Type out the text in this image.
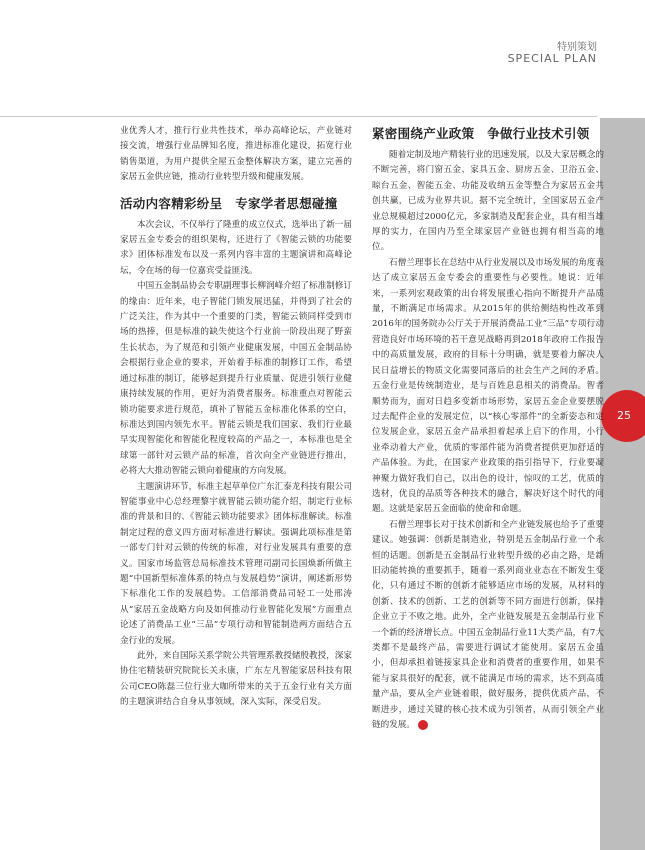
特别策划
SPECIAL PLAN
25

业优秀人才，推行行业共性技术，举办高峰论坛，产业链对接交流，增强行业品牌知名度，推进标准化建设，拓宽行业销售渠道，为用户提供全屋五金整体解决方案，建立完善的家居五金供应链，推动行业转型升级和健康发展。

活动内容精彩纷呈　专家学者思想碰撞

本次会议，不仅举行了隆重的成立仪式，选举出了新一届家居五金专委会的组织架构，还进行了《智能云锁的功能要求》团体标准发布以及一系列内容丰富的主题演讲和高峰论坛，令在场的每一位嘉宾受益匪浅。

中国五金制品协会专职副理事长柳润峰介绍了标准制修订的缘由：近年来，电子智能门锁发展迅猛，并得到了社会的广泛关注，作为其中一个重要的门类，智能云锁同样受到市场的热捧，但是标准的缺失使这个行业前一阶段出现了野蛮生长状态，为了规范和引领产业健康发展，中国五金制品协会根据行业企业的要求，开始着手标准的制修订工作，希望通过标准的制订，能够起到提升行业质量、促进引领行业健康持续发展的作用，更好为消费者服务。标准重点对智能云锁功能要求进行规范，填补了智能五金标准化体系的空白，标准达到国内领先水平。智能云锁是我们国家、我们行业最早实现智能化和智能化程度较高的产品之一，本标准也是全球第一部针对云锁产品的标准，首次向全产业链进行推出，必将大大推动智能云锁向着健康的方向发展。

主题演讲环节，标准主起草单位广东汇泰龙科技有限公司智能事业中心总经理黎宇就智能云锁功能介绍，制定行业标准的背景和目的、《智能云锁功能要求》团体标准解读。标准制定过程的意义四方面对标准进行解读。强调此项标准是第一部专门针对云锁的传统的标准，对行业发展具有重要的意义。国家市场监管总局标准技术管理司副司长国焕新所做主题“中国新型标准体系的特点与发展趋势”演讲，阐述新形势下标准化工作的发展趋势。工信部消费品司轻工一处邢涛从“家居五金战略方向及如何推动行业智能化发展”方面重点论述了消费品工业“三品”专项行动和智能制造两方面结合五金行业的发展。

此外，来自国际关系学院公共管理系教授储殷教授，深家协住宅精装研究院院长关永康，广东左凡智能家居科技有限公司CEO陈磊三位行业大咖所带来的关于五金行业有关方面的主题演讲结合自身从事领域，深入实际，深受启发。

紧密围绕产业政策　争做行业技术引领

随着定制及地产精装行业的迅速发展，以及大家居概念的不断完善，将门窗五金、家具五金、厨房五金、卫浴五金、晾台五金、智能五金、功能及收纳五金等整合为家居五金共创共赢，已成为业界共识。据不完全统计，全国家居五金产业总规模超过2000亿元，多家制造及配套企业，具有相当雄厚的实力，在国内乃至全球家居产业链也拥有相当高的地位。

石僧兰理事长在总结中从行业发展以及市场发展的角度表达了成立家居五金专委会的重要性与必要性。她说：近年来，一系列宏观政策的出台将发展重心指向不断提升产品质量，不断满足市场需求。从2015年的供给侧结构性改革到2016年的国务院办公厅关于开展消费品工业“三品”专项行动营造良好市场环境的若干意见战略再到2018年政府工作报告中的高质量发展，政府的目标十分明确，就是要着力解决人民日益增长的物质文化需要同落后的社会生产之间的矛盾。五金行业是传统制造业，是与百姓息息相关的消费品。智者顺势而为，面对日趋多变新市场形势，家居五金企业要摆脱过去配件企业的发展定位，以“核心零部件”的全新姿态和定位发展企业，家居五金产品承担着起承上启下的作用，小行业牵动着大产业，优质的零部件能为消费者提供更加舒适的产品体验。为此，在国家产业政策的指引指导下，行业要凝神聚力做好我们自己，以出色的设计，惊叹的工艺，优质的选材，优良的品质等各种技术的融合，解决好这个时代的问题。这就是家居五金面临的使命和命题。

石僧兰理事长对于技术创新和全产业链发展也给予了重要建议。她强调：创新是制造业，特别是五金制品行业一个永恒的话题。创新是五金制品行业转型升级的必由之路，是新旧动能转换的重要抓手，随着一系列商业业态在不断发生变化，只有通过不断的创新才能够适应市场的发展，从材料的创新、技术的创新、工艺的创新等不同方面进行创新，保持企业立于不败之地。此外，全产业链发展是五金制品行业下一个新的经济增长点。中国五金制品行业11大类产品，有7大类都不是最终产品，需要进行调试才能使用。家居五金虽小，但却承担着链接家具企业和消费者的重要作用，如果不能与家具很好的配套，就不能满足市场的需求，达不到高质量产品，要从全产业链着眼，做好服务，提供优质产品，不断进步，通过关键的核心技术成为引领者，从而引领全产业链的发展。	会
